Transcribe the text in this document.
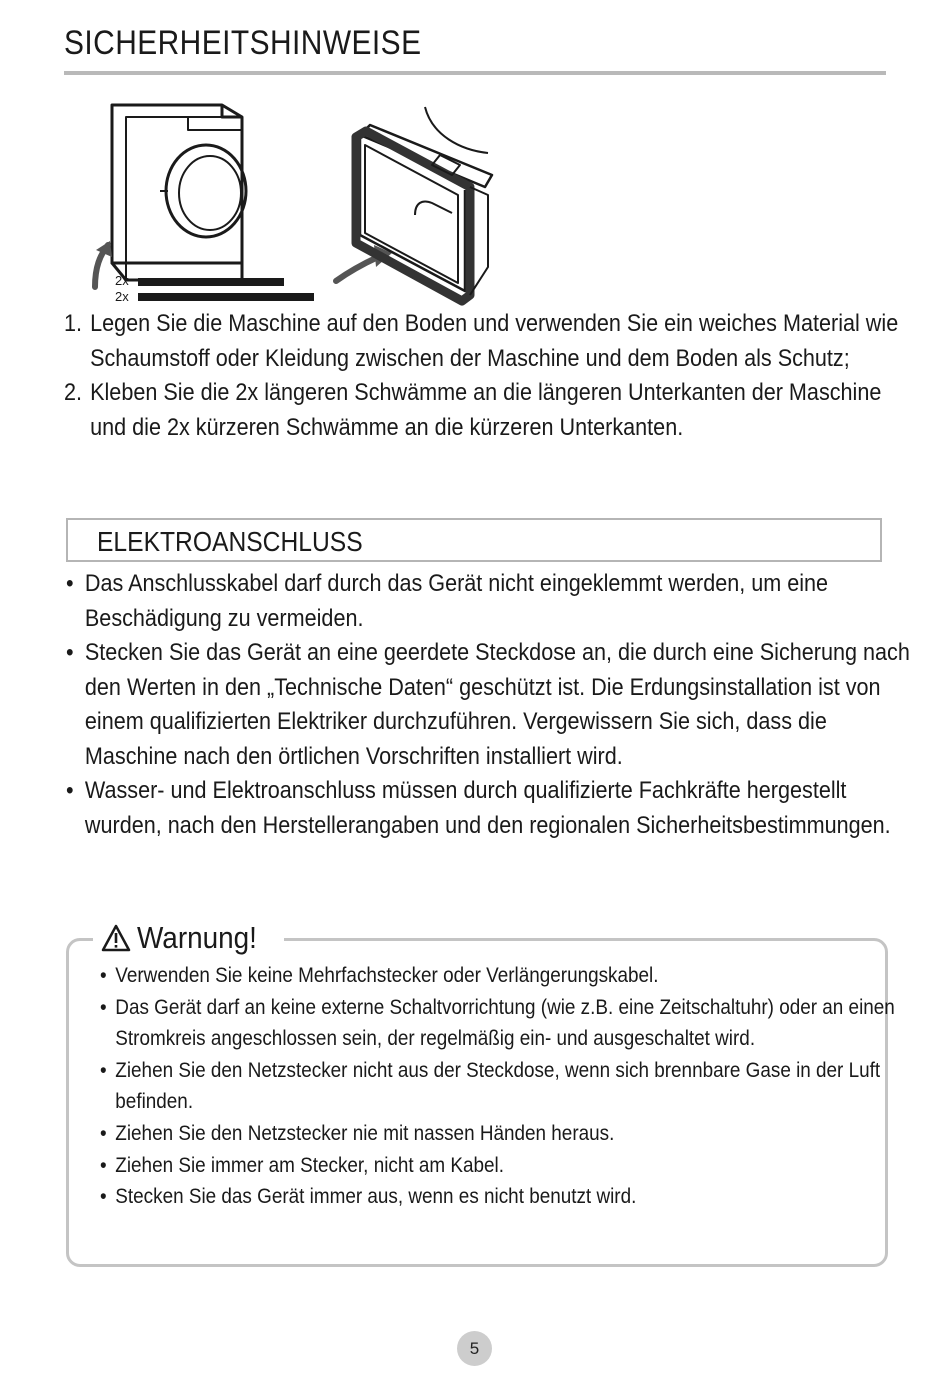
SICHERHEITSHINWEISE
2x
2x
1. Legen Sie die Maschine auf den Boden und verwenden Sie ein weiches Material wie Schaumstoff oder Kleidung zwischen der Maschine und dem Boden als Schutz;
2. Kleben Sie die 2x längeren Schwämme an die längeren Unterkanten der Maschine und die 2x kürzeren Schwämme an die kürzeren Unterkanten.
ELEKTROANSCHLUSS
• Das Anschlusskabel darf durch das Gerät nicht eingeklemmt werden, um eine Beschädigung zu vermeiden.
• Stecken Sie das Gerät an eine geerdete Steckdose an, die durch eine Sicherung nach den Werten in den „Technische Daten“ geschützt ist. Die Erdungsinstallation ist von einem qualifizierten Elektriker durchzuführen. Vergewissern Sie sich, dass die Maschine nach den örtlichen Vorschriften installiert wird.
• Wasser- und Elektroanschluss müssen durch qualifizierte Fachkräfte hergestellt wurden, nach den Herstellerangaben und den regionalen Sicherheitsbestimmungen.
Warnung!
• Verwenden Sie keine Mehrfachstecker oder Verlängerungskabel.
• Das Gerät darf an keine externe Schaltvorrichtung (wie z.B. eine Zeitschaltuhr) oder an einen Stromkreis angeschlossen sein, der regelmäßig ein- und ausgeschaltet wird.
• Ziehen Sie den Netzstecker nicht aus der Steckdose, wenn sich brennbare Gase in der Luft befinden.
• Ziehen Sie den Netzstecker nie mit nassen Händen heraus.
• Ziehen Sie immer am Stecker, nicht am Kabel.
• Stecken Sie das Gerät immer aus, wenn es nicht benutzt wird.
5
